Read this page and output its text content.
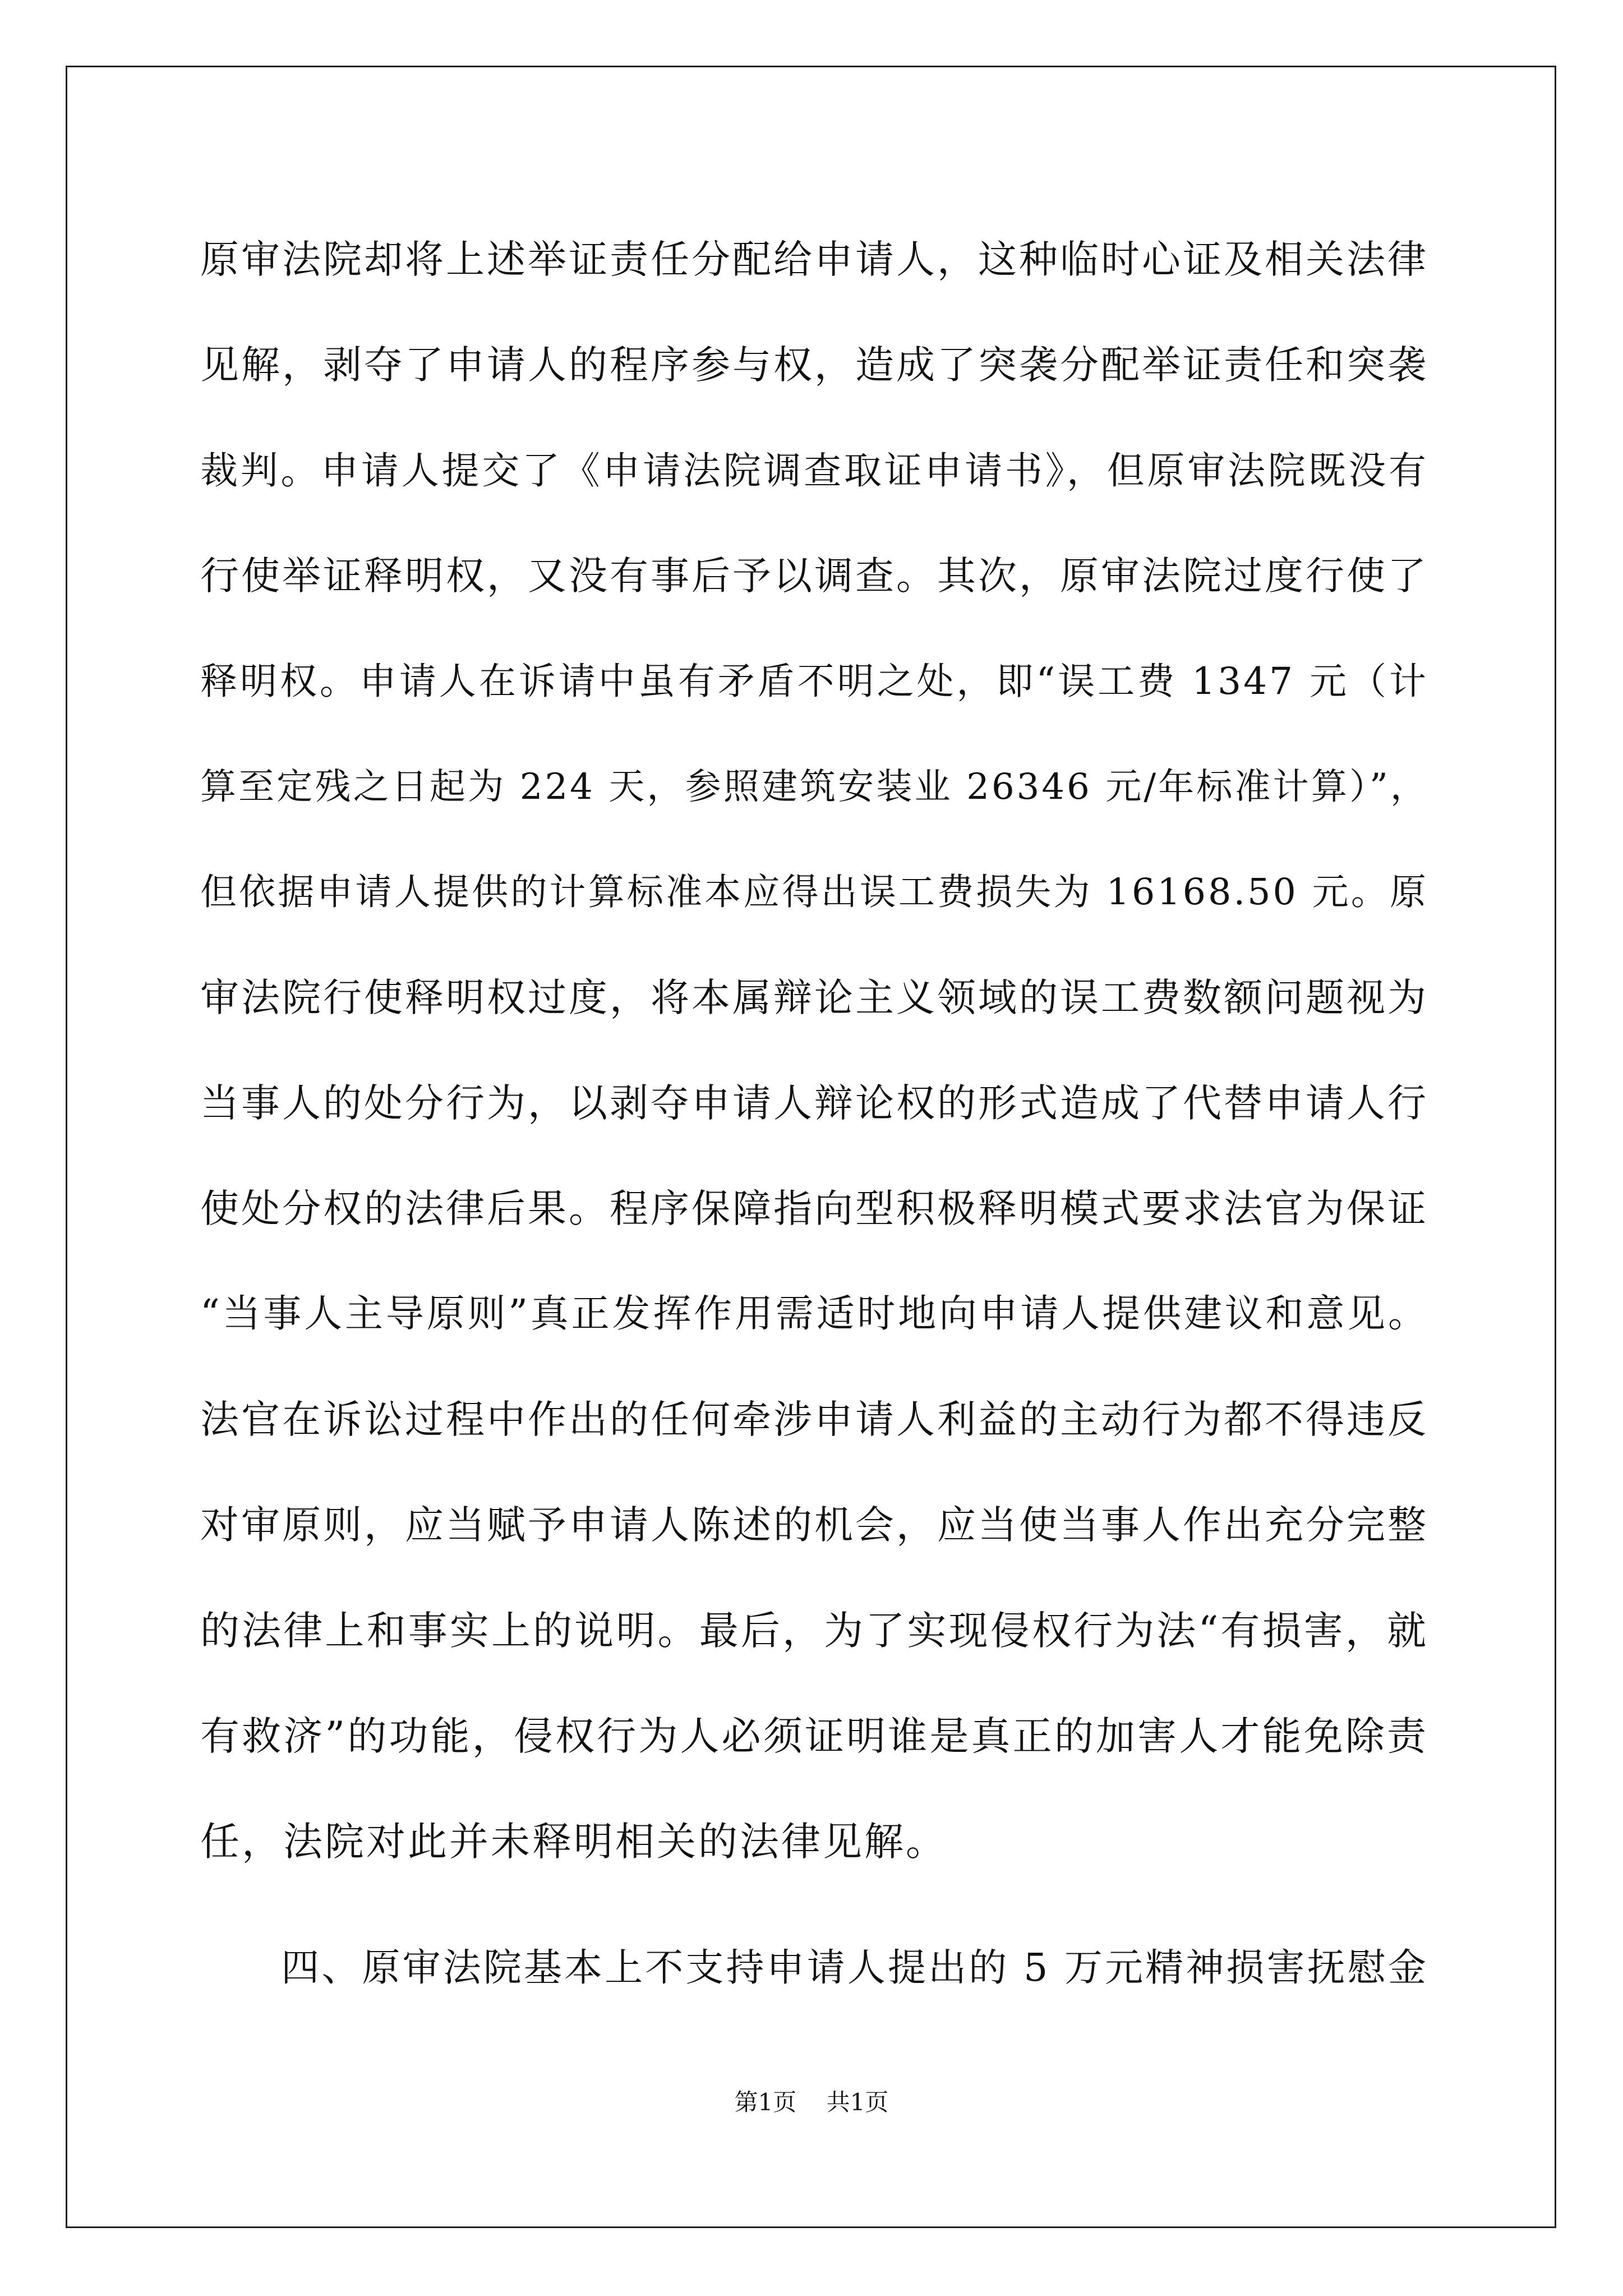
原审法院却将上述举证责任分配给申请人，这种临时心证及相关法律
见解，剥夺了申请人的程序参与权，造成了突袭分配举证责任和突袭
裁判。申请人提交了《申请法院调查取证申请书》，但原审法院既没有
行使举证释明权，又没有事后予以调查。其次，原审法院过度行使了
释明权。申请人在诉请中虽有矛盾不明之处，即“误工费 1347 元（计
算至定残之日起为 224 天，参照建筑安装业 26346 元/年标准计算）”，
但依据申请人提供的计算标准本应得出误工费损失为 16168.50 元。原
审法院行使释明权过度，将本属辩论主义领域的误工费数额问题视为
当事人的处分行为，以剥夺申请人辩论权的形式造成了代替申请人行
使处分权的法律后果。程序保障指向型积极释明模式要求法官为保证
“当事人主导原则”真正发挥作用需适时地向申请人提供建议和意见。
法官在诉讼过程中作出的任何牵涉申请人利益的主动行为都不得违反
对审原则，应当赋予申请人陈述的机会，应当使当事人作出充分完整
的法律上和事实上的说明。最后，为了实现侵权行为法“有损害，就
有救济”的功能，侵权行为人必须证明谁是真正的加害人才能免除责
任，法院对此并未释明相关的法律见解。
　　四、原审法院基本上不支持申请人提出的 5 万元精神损害抚慰金
第1页 共1页
